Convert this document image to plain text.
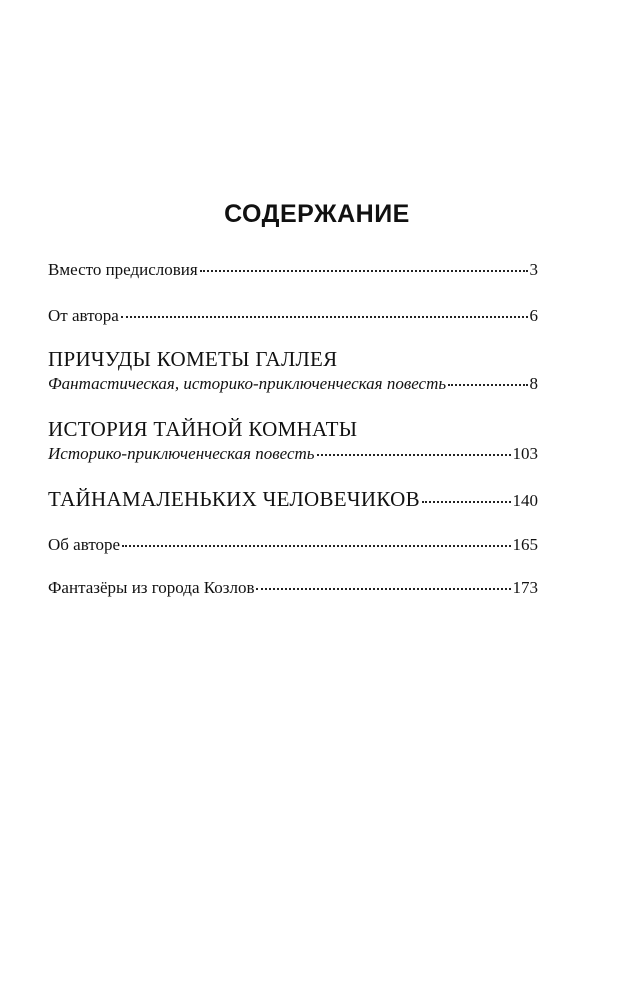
СОДЕРЖАНИЕ
Вместо предисловия	3
От автора	6
ПРИЧУДЫ КОМЕТЫ ГАЛЛЕЯ
Фантастическая, историко-приключенческая повесть	8
ИСТОРИЯ ТАЙНОЙ КОМНАТЫ
Историко-приключенческая повесть	103
ТАЙНАМАЛЕНЬКИХ ЧЕЛОВЕЧИКОВ	140
Об авторе	165
Фантазёры из города Козлов	173
